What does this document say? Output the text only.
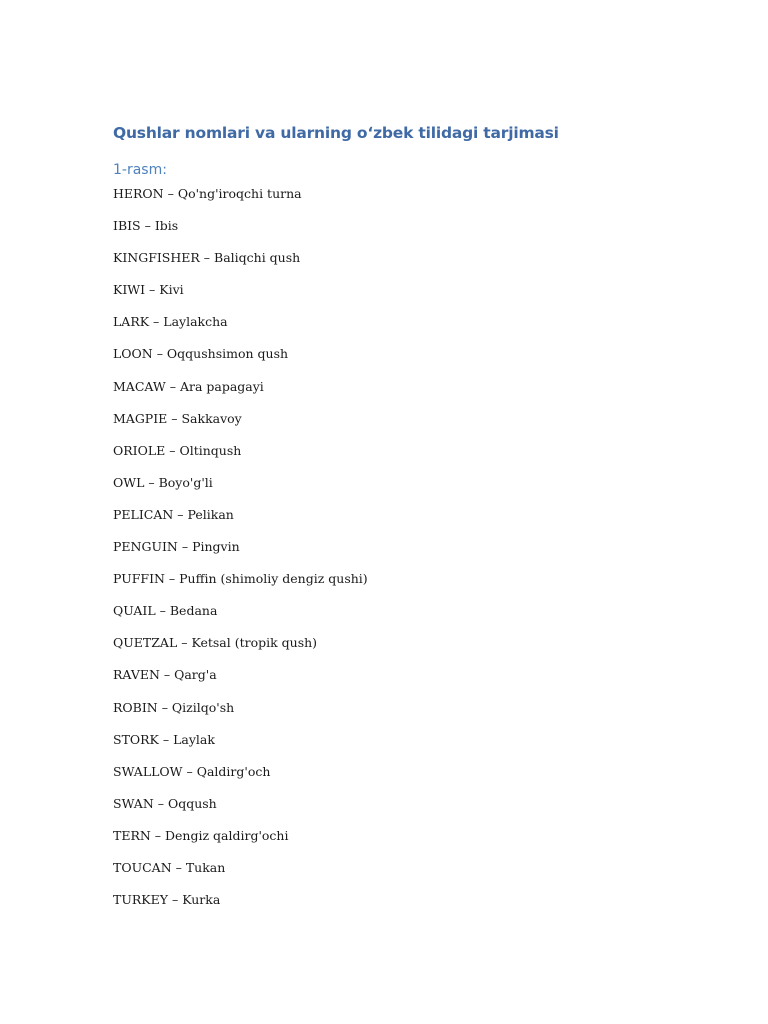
Qushlar nomlari va ularning oʻzbek tilidagi tarjimasi
1-rasm:
HERON – Qo'ng'iroqchi turna
IBIS – Ibis
KINGFISHER – Baliqchi qush
KIWI – Kivi
LARK – Laylakcha
LOON – Oqqushsimon qush
MACAW – Ara papagayi
MAGPIE – Sakkavoy
ORIOLE – Oltinqush
OWL – Boyo'g'li
PELICAN – Pelikan
PENGUIN – Pingvin
PUFFIN – Puffin (shimoliy dengiz qushi)
QUAIL – Bedana
QUETZAL – Ketsal (tropik qush)
RAVEN – Qarg'a
ROBIN – Qizilqo'sh
STORK – Laylak
SWALLOW – Qaldirg'och
SWAN – Oqqush
TERN – Dengiz qaldirg'ochi
TOUCAN – Tukan
TURKEY – Kurka
